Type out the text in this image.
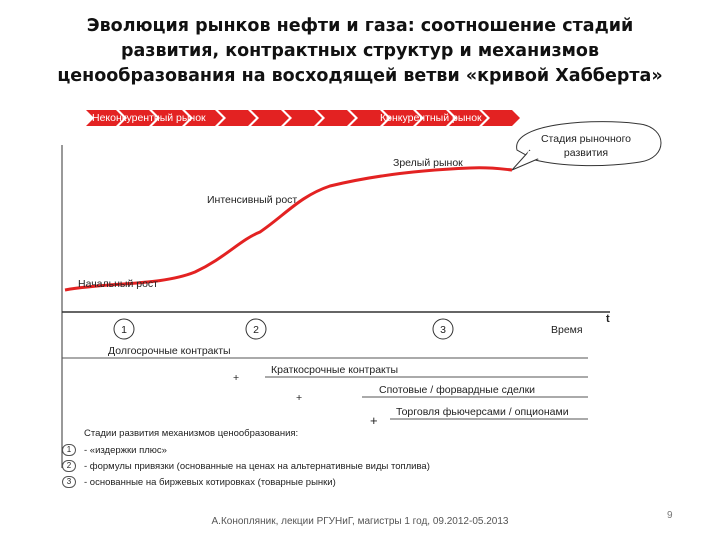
Эволюция рынков нефти и газа: соотношение стадий
развития, контрактных структур и механизмов
ценообразования на восходящей ветви «кривой Хабберта»
Неконкурентный рынок	Конкурентный рынок
Стадия рыночного
развития
t
Время
Начальный рост
Интенсивный рост
Зрелый рынок
1	2	3
Долгосрочные контракты
+
Краткосрочные контракты
+
Спотовые / форвардные сделки
+
Торговля фьючерсами / опционами
Стадии развития механизмов ценообразования:
1	- «издержки плюс»
2	- формулы привязки (основанные на ценах на альтернативные виды топлива)
3	- основанные на биржевых котировках (товарные рынки)
А.Конопляник, лекции РГУНиГ, магистры 1 год, 09.2012-05.2013
9
